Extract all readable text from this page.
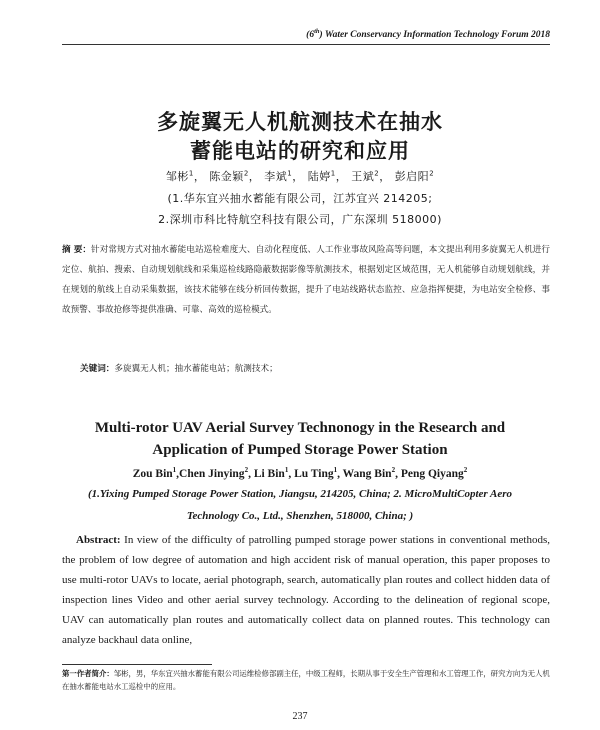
(6th) Water Conservancy Information Technology Forum 2018
多旋翼无人机航测技术在抽水
蓄能电站的研究和应用
邹彬$^1$， 陈金颖$^2$， 李斌$^1$， 陆婷$^1$， 王斌$^2$， 彭启阳$^2$
(1.华东宜兴抽水蓄能有限公司，江苏宜兴 214205;
2.深圳市科比特航空科技有限公司，广东深圳 518000)
摘 要：针对常规方式对抽水蓄能电站巡检难度大、自动化程度低、人工作业事故风险高等问题，本文提出利用多旋翼无人机进行定位、航拍、搜索、自动规划航线和采集巡检线路隐蔽数据影像等航测技术，根据划定区域范围，无人机能够自动规划航线，并在规划的航线上自动采集数据，该技术能够在线分析回传数据，提升了电站线路状态监控、应急指挥便捷，为电站安全检修、事故预警、事故抢修等提供准确、可靠、高效的巡检模式。
关键词：多旋翼无人机；抽水蓄能电站；航测技术；
Multi-rotor UAV Aerial Survey Technonogy in the Research and
Application of Pumped Storage Power Station
Zou Bin$^1$,Chen Jinying$^2$, Li Bin$^1$, Lu Ting$^1$, Wang Bin$^2$, Peng Qiyang$^2$
(1.Yixing Pumped Storage Power Station, Jiangsu, 214205, China; 2. MicroMultiCopter Aero
Technology Co., Ltd., Shenzhen, 518000, China; )
Abstract: In view of the difficulty of patrolling pumped storage power stations in conventional methods, the problem of low degree of automation and high accident risk of manual operation, this paper proposes to use multi-rotor UAVs to locate, aerial photograph, search, automatically plan routes and collect hidden data of inspection lines Video and other aerial survey technology. According to the delineation of regional scope, UAV can automatically plan routes and automatically collect data on planned routes. This technology can analyze backhaul data online,
第一作者简介：邹彬，男，华东宜兴抽水蓄能有限公司运维检修部副主任，中级工程师，长期从事于安全生产管理和水工管理工作，研究方向为无人机在抽水蓄能电站水工巡检中的应用。
237
